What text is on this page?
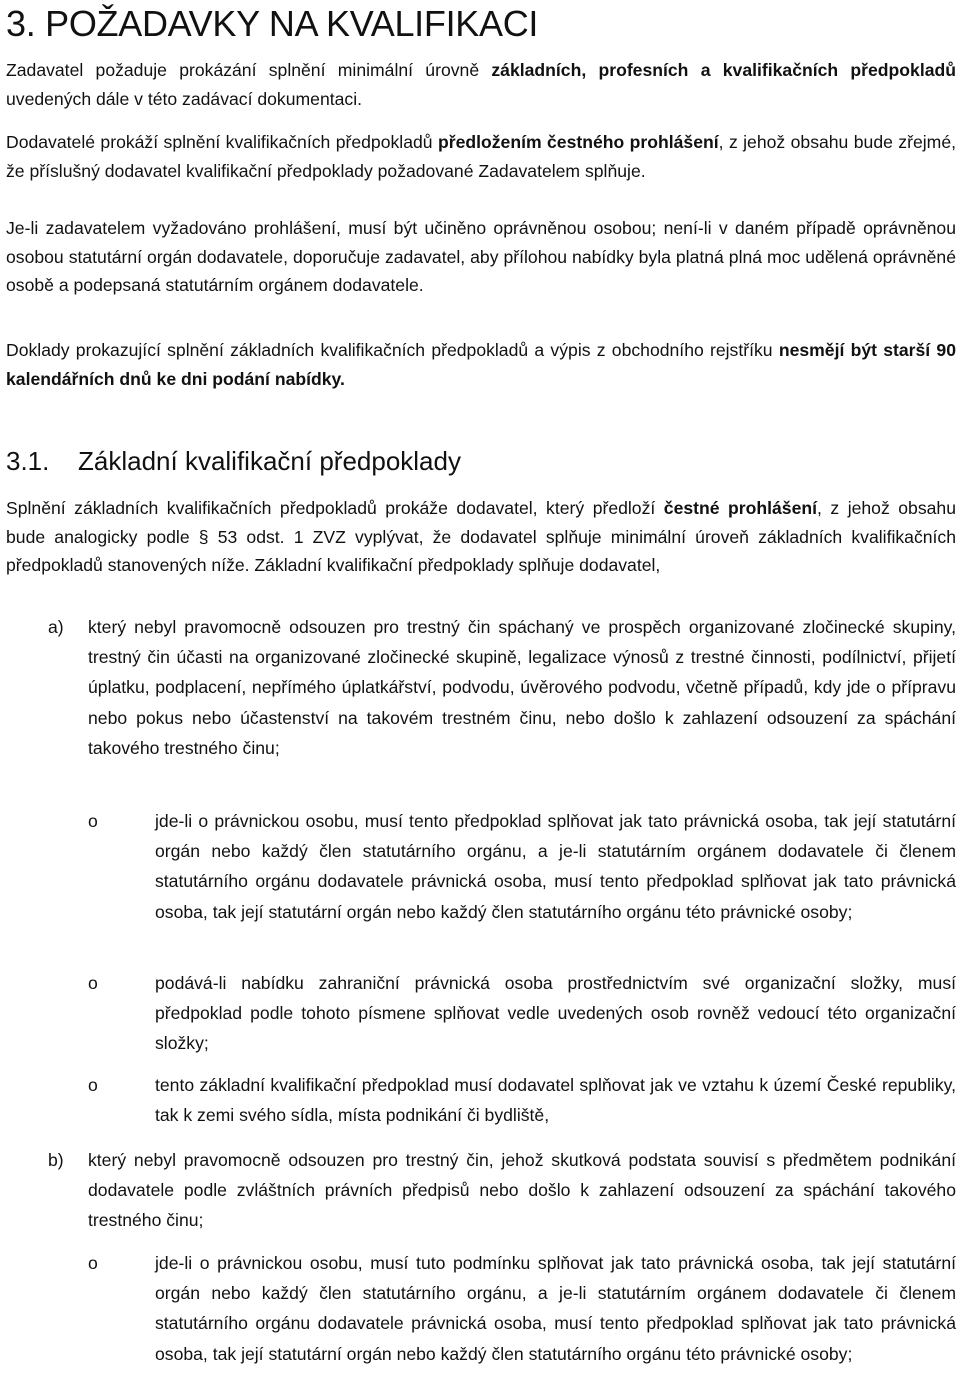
3. POŽADAVKY NA KVALIFIKACI

Zadavatel požaduje prokázání splnění minimální úrovně základních, profesních a kvalifikačních předpokladů uvedených dále v této zadávací dokumentaci.

Dodavatelé prokáží splnění kvalifikačních předpokladů předložením čestného prohlášení, z jehož obsahu bude zřejmé, že příslušný dodavatel kvalifikační předpoklady požadované Zadavatelem splňuje.

Je-li zadavatelem vyžadováno prohlášení, musí být učiněno oprávněnou osobou; není-li v daném případě oprávněnou osobou statutární orgán dodavatele, doporučuje zadavatel, aby přílohou nabídky byla platná plná moc udělená oprávněné osobě a podepsaná statutárním orgánem dodavatele.

Doklady prokazující splnění základních kvalifikačních předpokladů a výpis z obchodního rejstříku nesmějí být starší 90 kalendářních dnů ke dni podání nabídky.

3.1. Základní kvalifikační předpoklady

Splnění základních kvalifikačních předpokladů prokáže dodavatel, který předloží čestné prohlášení, z jehož obsahu bude analogicky podle § 53 odst. 1 ZVZ vyplývat, že dodavatel splňuje minimální úroveň základních kvalifikačních předpokladů stanovených níže. Základní kvalifikační předpoklady splňuje dodavatel,

a) který nebyl pravomocně odsouzen pro trestný čin spáchaný ve prospěch organizované zločinecké skupiny, trestný čin účasti na organizované zločinecké skupině, legalizace výnosů z trestné činnosti, podílnictví, přijetí úplatku, podplacení, nepřímého úplatkářství, podvodu, úvěrového podvodu, včetně případů, kdy jde o přípravu nebo pokus nebo účastenství na takovém trestném činu, nebo došlo k zahlazení odsouzení za spáchání takového trestného činu;

o	jde-li o právnickou osobu, musí tento předpoklad splňovat jak tato právnická osoba, tak její statutární orgán nebo každý člen statutárního orgánu, a je-li statutárním orgánem dodavatele či členem statutárního orgánu dodavatele právnická osoba, musí tento předpoklad splňovat jak tato právnická osoba, tak její statutární orgán nebo každý člen statutárního orgánu této právnické osoby;

o	podává-li nabídku zahraniční právnická osoba prostřednictvím své organizační složky, musí předpoklad podle tohoto písmene splňovat vedle uvedených osob rovněž vedoucí této organizační složky;

o	tento základní kvalifikační předpoklad musí dodavatel splňovat jak ve vztahu k území České republiky, tak k zemi svého sídla, místa podnikání či bydliště,

b) který nebyl pravomocně odsouzen pro trestný čin, jehož skutková podstata souvisí s předmětem podnikání dodavatele podle zvláštních právních předpisů nebo došlo k zahlazení odsouzení za spáchání takového trestného činu;

o	jde-li o právnickou osobu, musí tuto podmínku splňovat jak tato právnická osoba, tak její statutární orgán nebo každý člen statutárního orgánu, a je-li statutárním orgánem dodavatele či členem statutárního orgánu dodavatele právnická osoba, musí tento předpoklad splňovat jak tato právnická osoba, tak její statutární orgán nebo každý člen statutárního orgánu této právnické osoby;
